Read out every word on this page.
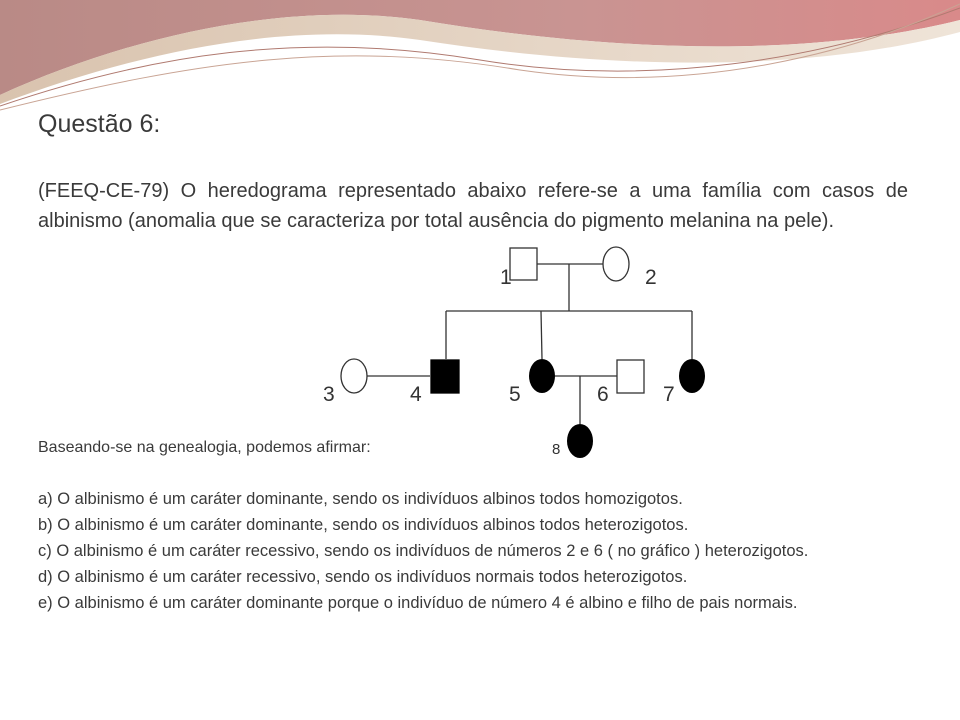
Questão 6:

(FEEQ-CE-79) O heredograma representado abaixo refere-se a uma família com casos de albinismo (anomalia que se caracteriza por total ausência do pigmento melanina na pele).

1	2
3	4	5	6	7
8
Baseando-se na genealogia, podemos afirmar:
a) O albinismo é um caráter dominante, sendo os indivíduos albinos todos homozigotos.
b) O albinismo é um caráter dominante, sendo os indivíduos albinos todos heterozigotos.
c) O albinismo é um caráter recessivo, sendo os indivíduos de números 2 e 6 ( no gráfico ) heterozigotos.
d) O albinismo é um caráter recessivo, sendo os indivíduos normais todos heterozigotos.
e) O albinismo é um caráter dominante porque o indivíduo de número 4 é albino e filho de pais normais.
